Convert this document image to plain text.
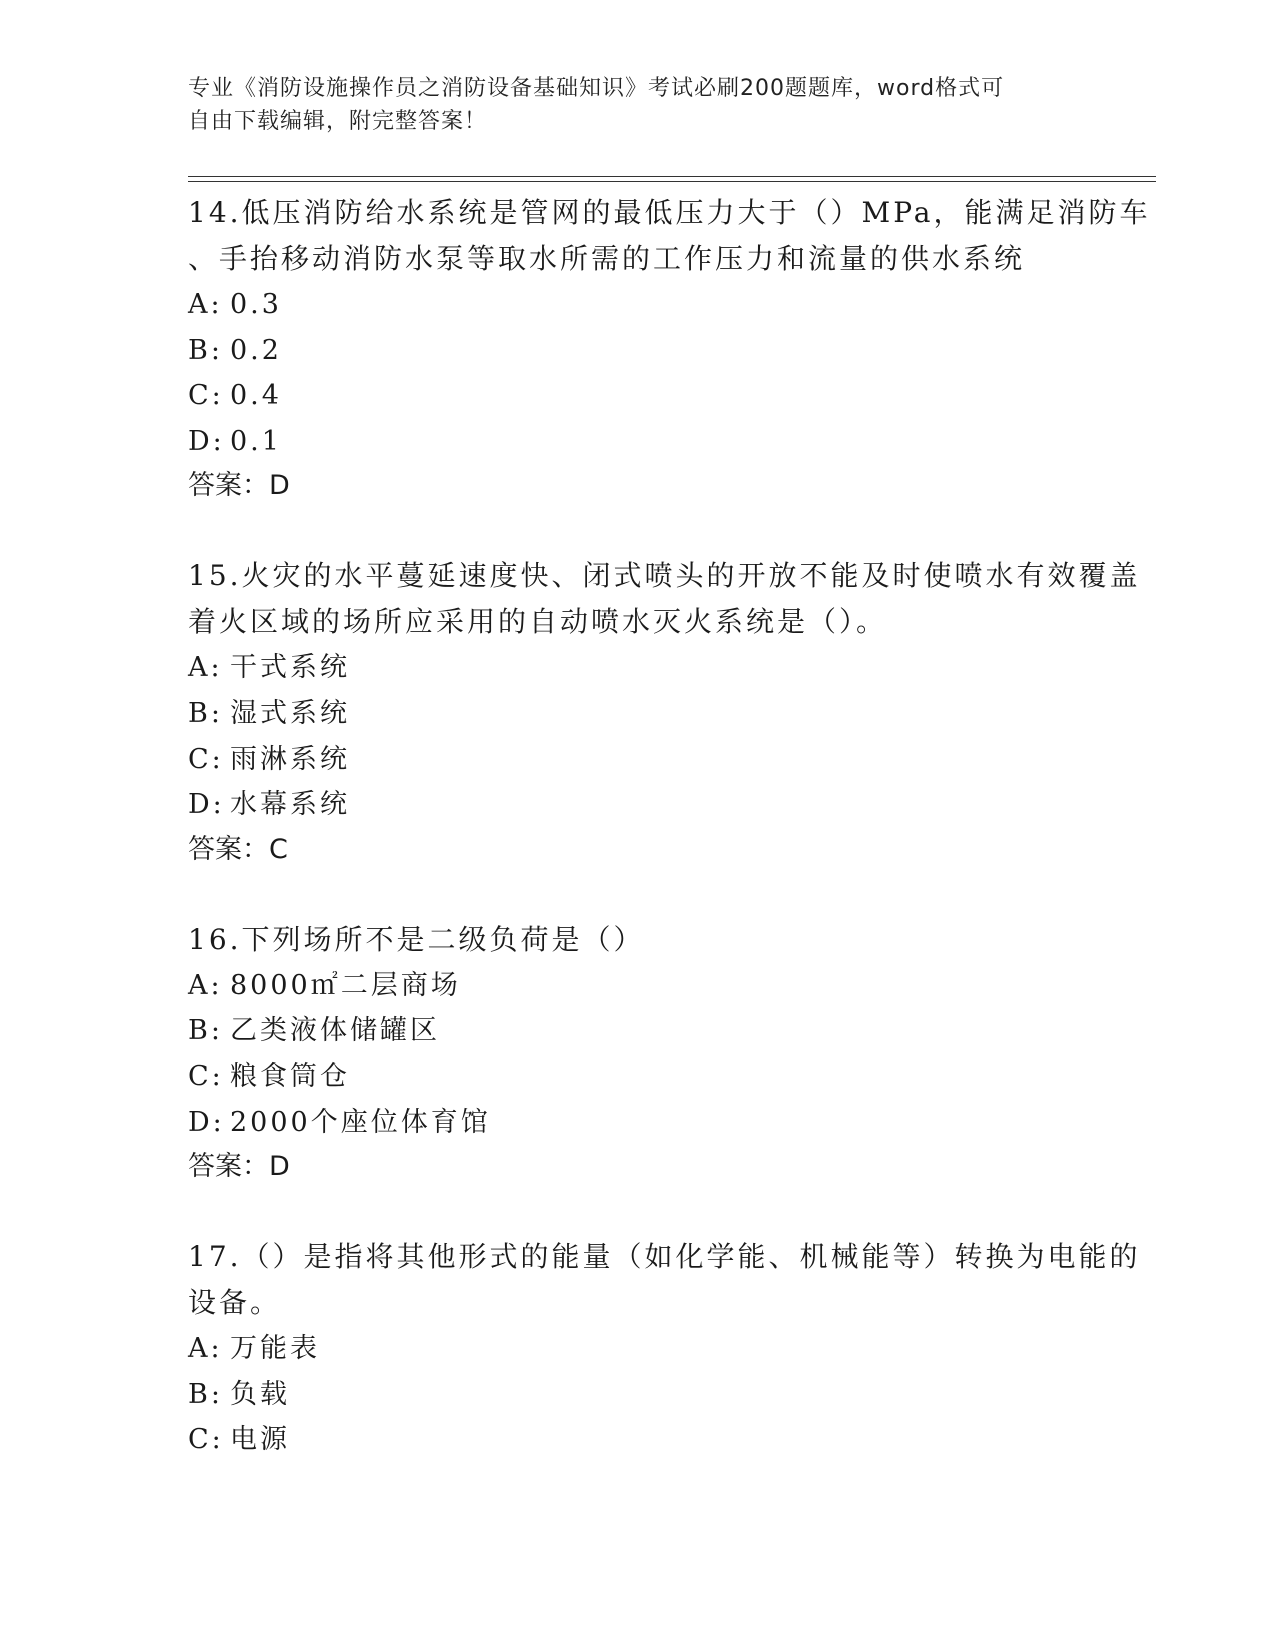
专业《消防设施操作员之消防设备基础知识》考试必刷200题题库，word格式可
自由下载编辑，附完整答案！
14.低压消防给水系统是管网的最低压力大于（）MPa，能满足消防车
、手抬移动消防水泵等取水所需的工作压力和流量的供水系统
A: 0.3
B: 0.2
C: 0.4
D: 0.1
答案：D
15.火灾的水平蔓延速度快、闭式喷头的开放不能及时使喷水有效覆盖
着火区域的场所应采用的自动喷水灭火系统是（）。
A: 干式系统
B: 湿式系统
C: 雨淋系统
D: 水幕系统
答案：C
16.下列场所不是二级负荷是（）
A: 8000㎡二层商场
B: 乙类液体储罐区
C: 粮食筒仓
D: 2000个座位体育馆
答案：D
17.（）是指将其他形式的能量（如化学能、机械能等）转换为电能的
设备。
A: 万能表
B: 负载
C: 电源
